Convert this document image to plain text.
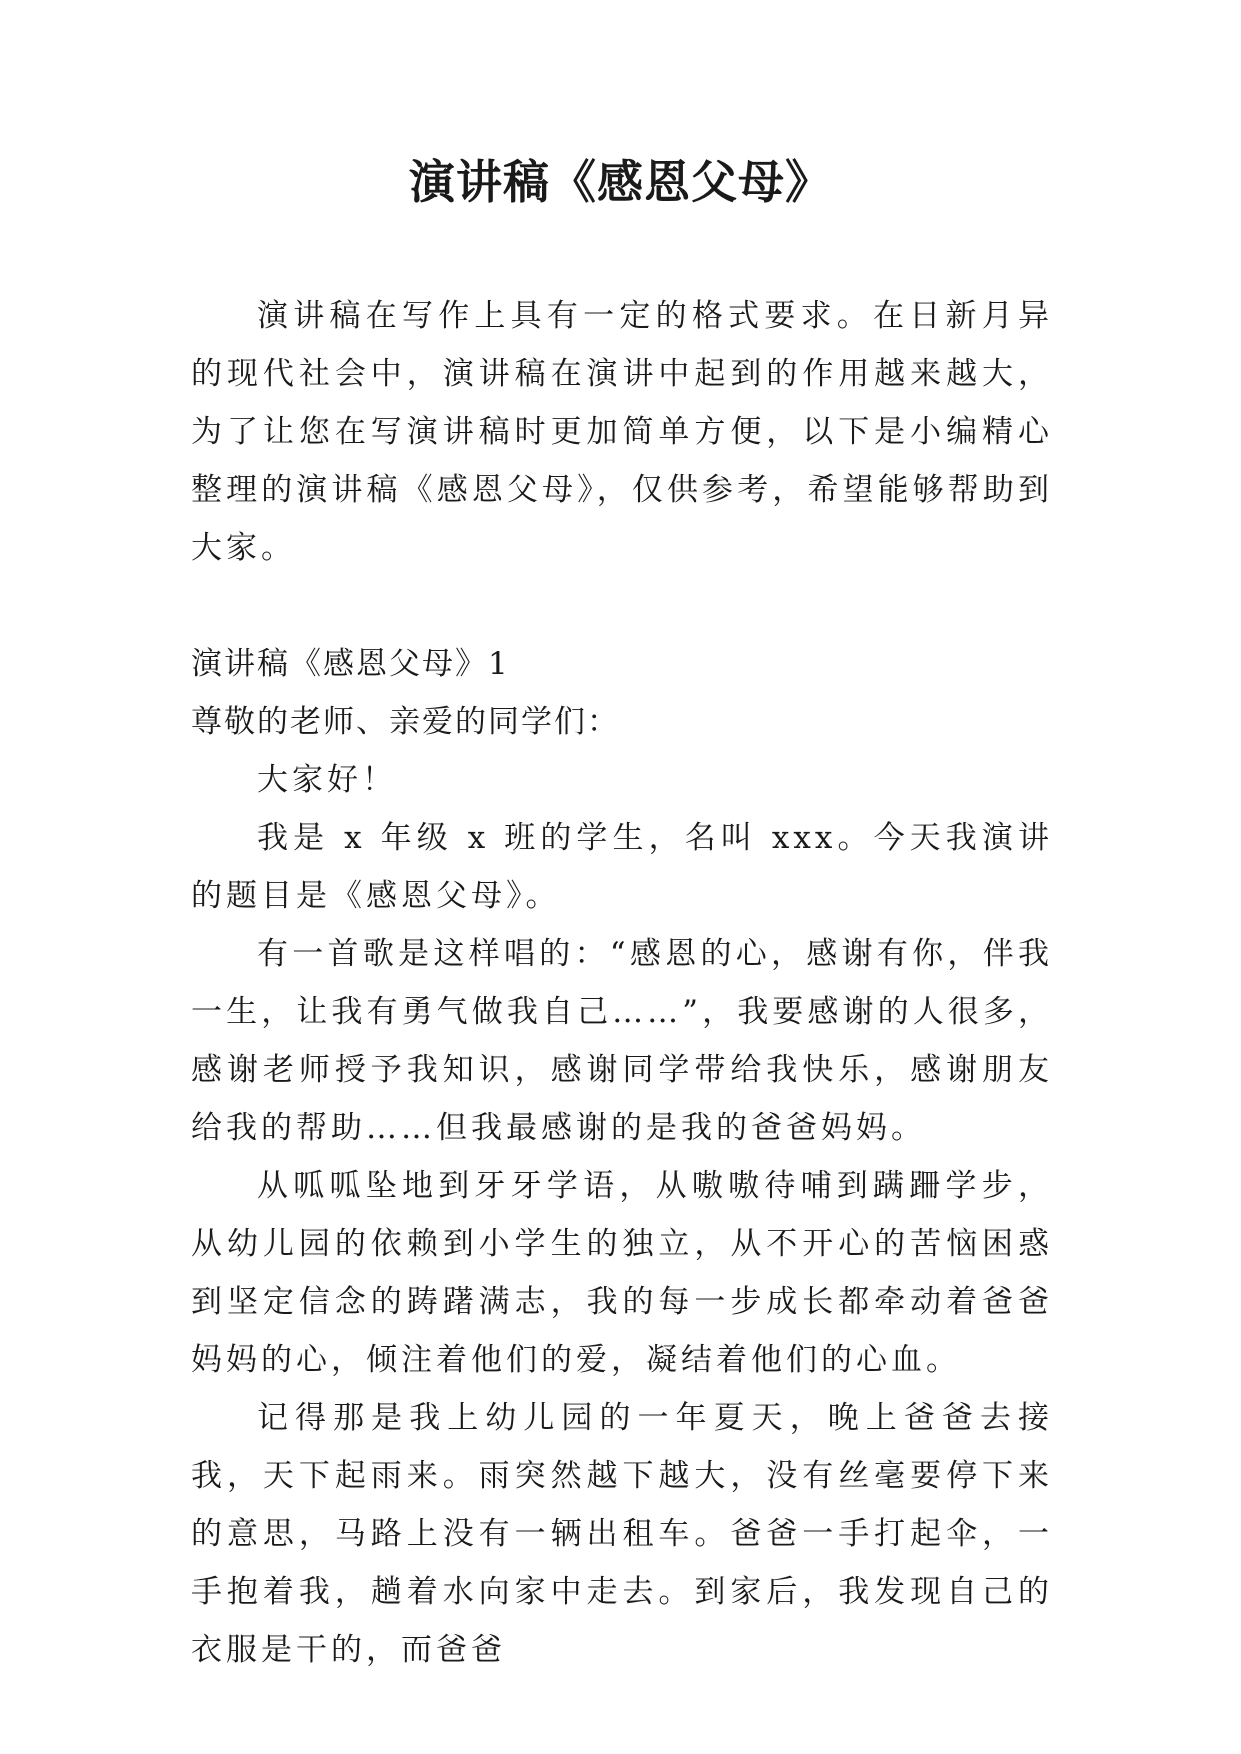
演讲稿《感恩父母》

演讲稿在写作上具有一定的格式要求。在日新月异的现代社会中，演讲稿在演讲中起到的作用越来越大，为了让您在写演讲稿时更加简单方便，以下是小编精心整理的演讲稿《感恩父母》，仅供参考，希望能够帮助到大家。

演讲稿《感恩父母》1

尊敬的老师、亲爱的同学们：

大家好！

我是 x 年级 x 班的学生，名叫 xxx。今天我演讲的题目是《感恩父母》。

有一首歌是这样唱的：“感恩的心，感谢有你，伴我一生，让我有勇气做我自己……”，我要感谢的人很多，感谢老师授予我知识，感谢同学带给我快乐，感谢朋友给我的帮助……但我最感谢的是我的爸爸妈妈。

从呱呱坠地到牙牙学语，从嗷嗷待哺到蹒跚学步，从幼儿园的依赖到小学生的独立，从不开心的苦恼困惑到坚定信念的踌躇满志，我的每一步成长都牵动着爸爸妈妈的心，倾注着他们的爱，凝结着他们的心血。

记得那是我上幼儿园的一年夏天，晚上爸爸去接我，天下起雨来。雨突然越下越大，没有丝毫要停下来的意思，马路上没有一辆出租车。爸爸一手打起伞，一手抱着我，趟着水向家中走去。到家后，我发现自己的衣服是干的，而爸爸
